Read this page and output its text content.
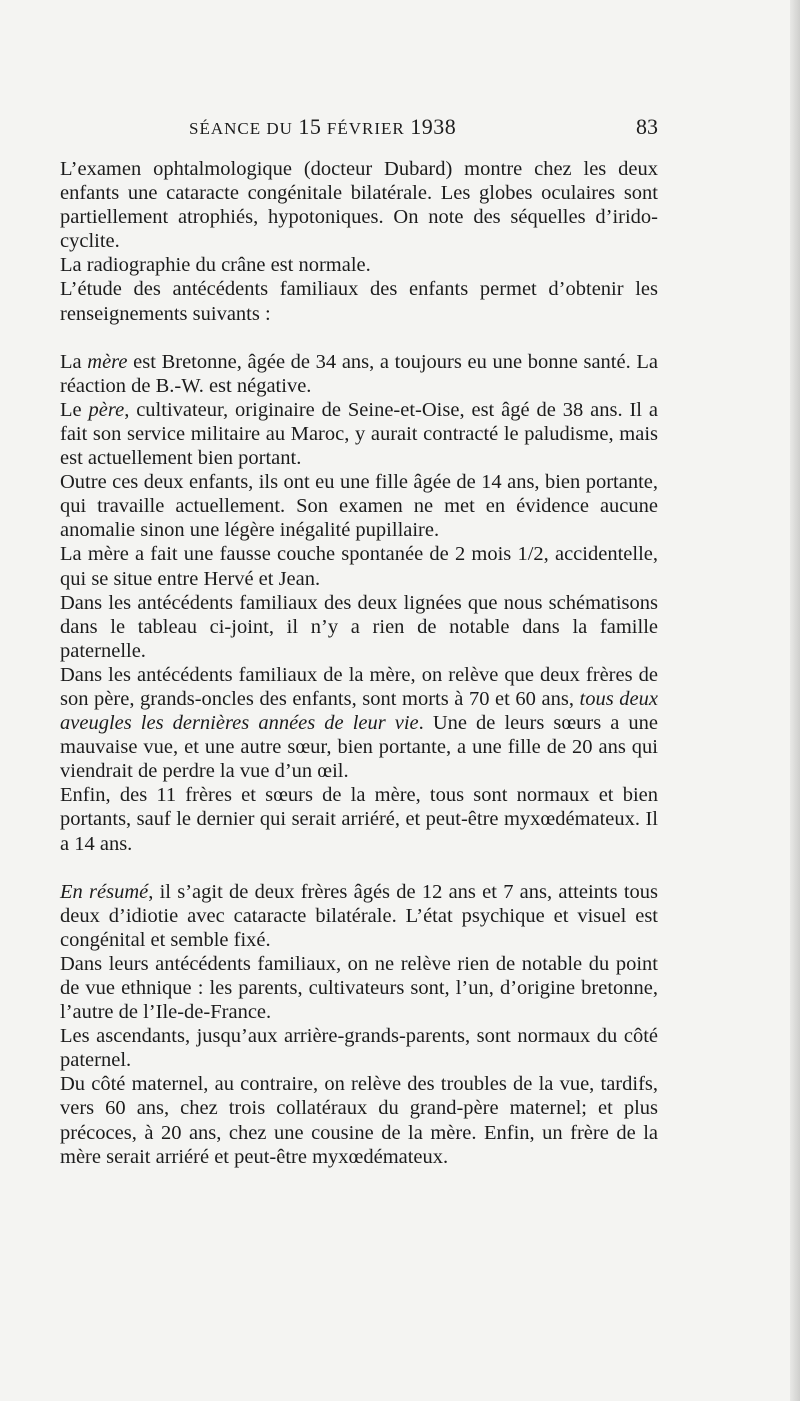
SÉANCE DU 15 FÉVRIER 1938	83

L’examen ophtalmologique (docteur Dubard) montre chez les deux enfants une cataracte congénitale bilatérale. Les globes oculaires sont partiellement atrophiés, hypotoniques. On note des séquelles d’irido-cyclite.

La radiographie du crâne est normale.

L’étude des antécédents familiaux des enfants permet d’obtenir les renseignements suivants :

La mère est Bretonne, âgée de 34 ans, a toujours eu une bonne santé. La réaction de B.-W. est négative.

Le père, cultivateur, originaire de Seine-et-Oise, est âgé de 38 ans. Il a fait son service militaire au Maroc, y aurait contracté le paludisme, mais est actuellement bien portant.

Outre ces deux enfants, ils ont eu une fille âgée de 14 ans, bien portante, qui travaille actuellement. Son examen ne met en évidence aucune anomalie sinon une légère inégalité pupillaire.

La mère a fait une fausse couche spontanée de 2 mois 1/2, accidentelle, qui se situe entre Hervé et Jean.

Dans les antécédents familiaux des deux lignées que nous schématisons dans le tableau ci-joint, il n’y a rien de notable dans la famille paternelle.

Dans les antécédents familiaux de la mère, on relève que deux frères de son père, grands-oncles des enfants, sont morts à 70 et 60 ans, tous deux aveugles les dernières années de leur vie. Une de leurs sœurs a une mauvaise vue, et une autre sœur, bien portante, a une fille de 20 ans qui viendrait de perdre la vue d’un œil.

Enfin, des 11 frères et sœurs de la mère, tous sont normaux et bien portants, sauf le dernier qui serait arriéré, et peut-être myxœdémateux. Il a 14 ans.

En résumé, il s’agit de deux frères âgés de 12 ans et 7 ans, atteints tous deux d’idiotie avec cataracte bilatérale. L’état psychique et visuel est congénital et semble fixé.

Dans leurs antécédents familiaux, on ne relève rien de notable du point de vue ethnique : les parents, cultivateurs sont, l’un, d’origine bretonne, l’autre de l’Ile-de-France.

Les ascendants, jusqu’aux arrière-grands-parents, sont normaux du côté paternel.

Du côté maternel, au contraire, on relève des troubles de la vue, tardifs, vers 60 ans, chez trois collatéraux du grand-père maternel; et plus précoces, à 20 ans, chez une cousine de la mère. Enfin, un frère de la mère serait arriéré et peut-être myxœdémateux.
